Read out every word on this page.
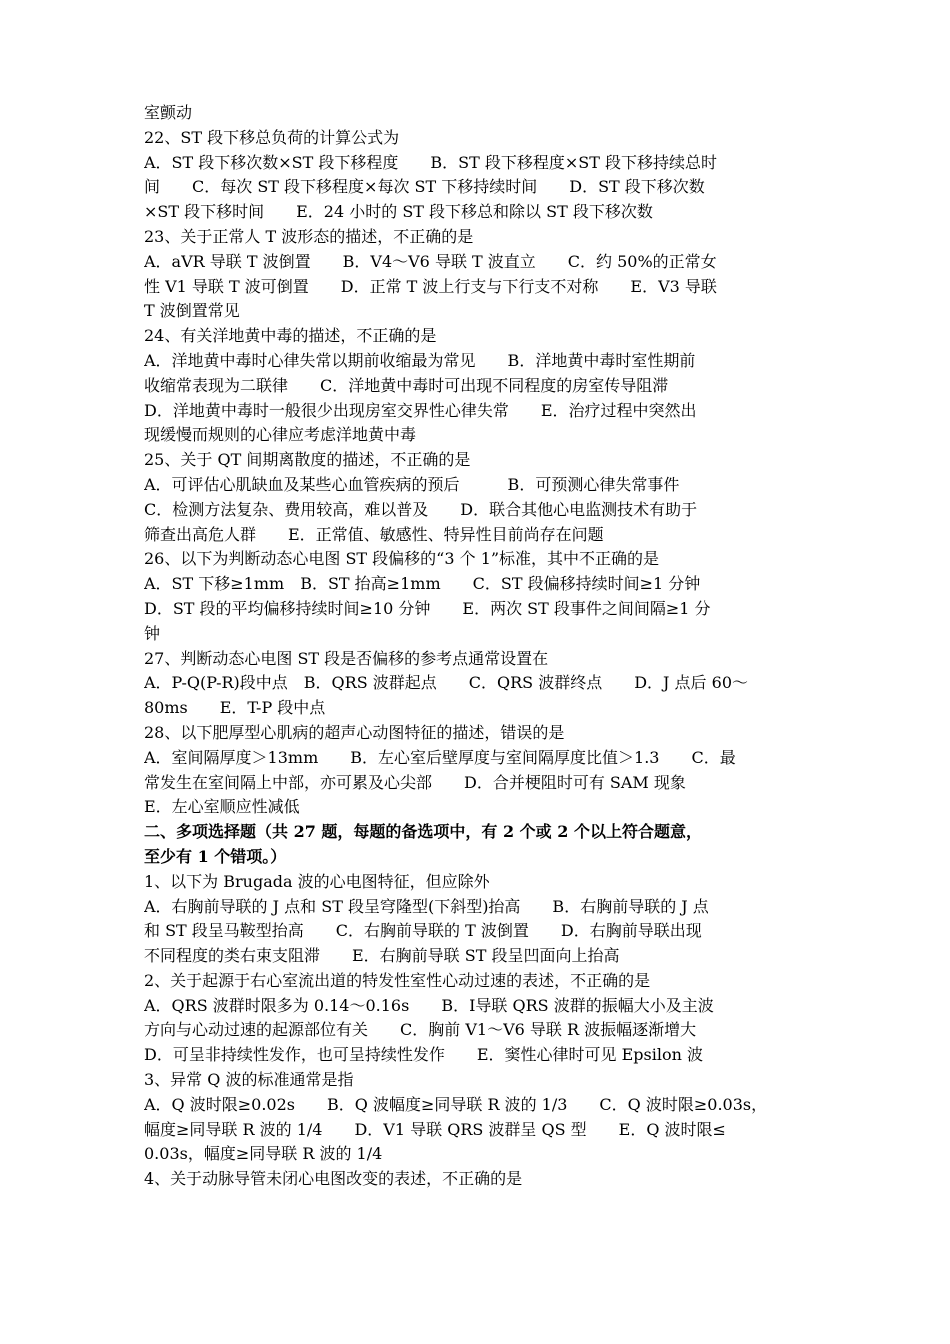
室颤动
22、ST 段下移总负荷的计算公式为
A．ST 段下移次数×ST 段下移程度　　B．ST 段下移程度×ST 段下移持续总时
间　　C．每次 ST 段下移程度×每次 ST 下移持续时间　　D．ST 段下移次数
×ST 段下移时间　　E．24 小时的 ST 段下移总和除以 ST 段下移次数
23、关于正常人 T 波形态的描述，不正确的是
A．aVR 导联 T 波倒置　　B．V4～V6 导联 T 波直立　　C．约 50%的正常女
性 V1 导联 T 波可倒置　　D．正常 T 波上行支与下行支不对称　　E．V3 导联
T 波倒置常见
24、有关洋地黄中毒的描述，不正确的是
A．洋地黄中毒时心律失常以期前收缩最为常见　　B．洋地黄中毒时室性期前
收缩常表现为二联律　　C．洋地黄中毒时可出现不同程度的房室传导阻滞
D．洋地黄中毒时一般很少出现房室交界性心律失常　　E．治疗过程中突然出
现缓慢而规则的心律应考虑洋地黄中毒
25、关于 QT 间期离散度的描述，不正确的是
A．可评估心肌缺血及某些心血管疾病的预后　　　B．可预测心律失常事件
C．检测方法复杂、费用较高，难以普及　　D．联合其他心电监测技术有助于
筛查出高危人群　　E．正常值、敏感性、特异性目前尚存在问题
26、以下为判断动态心电图 ST 段偏移的“3 个 1”标准，其中不正确的是
A．ST 下移≥1mm　B．ST 抬高≥1mm　　C．ST 段偏移持续时间≥1 分钟
D．ST 段的平均偏移持续时间≥10 分钟　　E．两次 ST 段事件之间间隔≥1 分
钟
27、判断动态心电图 ST 段是否偏移的参考点通常设置在
A．P-Q(P-R)段中点　B．QRS 波群起点　　C．QRS 波群终点　　D．J 点后 60～
80ms　　E．T-P 段中点
28、以下肥厚型心肌病的超声心动图特征的描述，错误的是
A．室间隔厚度＞13mm　　B．左心室后壁厚度与室间隔厚度比值＞1.3　　C．最
常发生在室间隔上中部，亦可累及心尖部　　D．合并梗阻时可有 SAM 现象
E．左心室顺应性减低
二、多项选择题（共 27 题，每题的备选项中，有 2 个或 2 个以上符合题意，
至少有 1 个错项。）
1、以下为 Brugada 波的心电图特征，但应除外
A．右胸前导联的 J 点和 ST 段呈穹隆型(下斜型)抬高　　B．右胸前导联的 J 点
和 ST 段呈马鞍型抬高　　C．右胸前导联的 T 波倒置　　D．右胸前导联出现
不同程度的类右束支阻滞　　E．右胸前导联 ST 段呈凹面向上抬高
2、关于起源于右心室流出道的特发性室性心动过速的表述，不正确的是
A．QRS 波群时限多为 0.14～0.16s　　B．Ⅰ导联 QRS 波群的振幅大小及主波
方向与心动过速的起源部位有关　　C．胸前 V1～V6 导联 R 波振幅逐渐增大
D．可呈非持续性发作，也可呈持续性发作　　E．窦性心律时可见 Epsilon 波
3、异常 Q 波的标准通常是指
A．Q 波时限≥0.02s　　B．Q 波幅度≥同导联 R 波的 1/3　　C．Q 波时限≥0.03s，
幅度≥同导联 R 波的 1/4　　D．V1 导联 QRS 波群呈 QS 型　　E．Q 波时限≤
0.03s，幅度≥同导联 R 波的 1/4
4、关于动脉导管未闭心电图改变的表述，不正确的是
